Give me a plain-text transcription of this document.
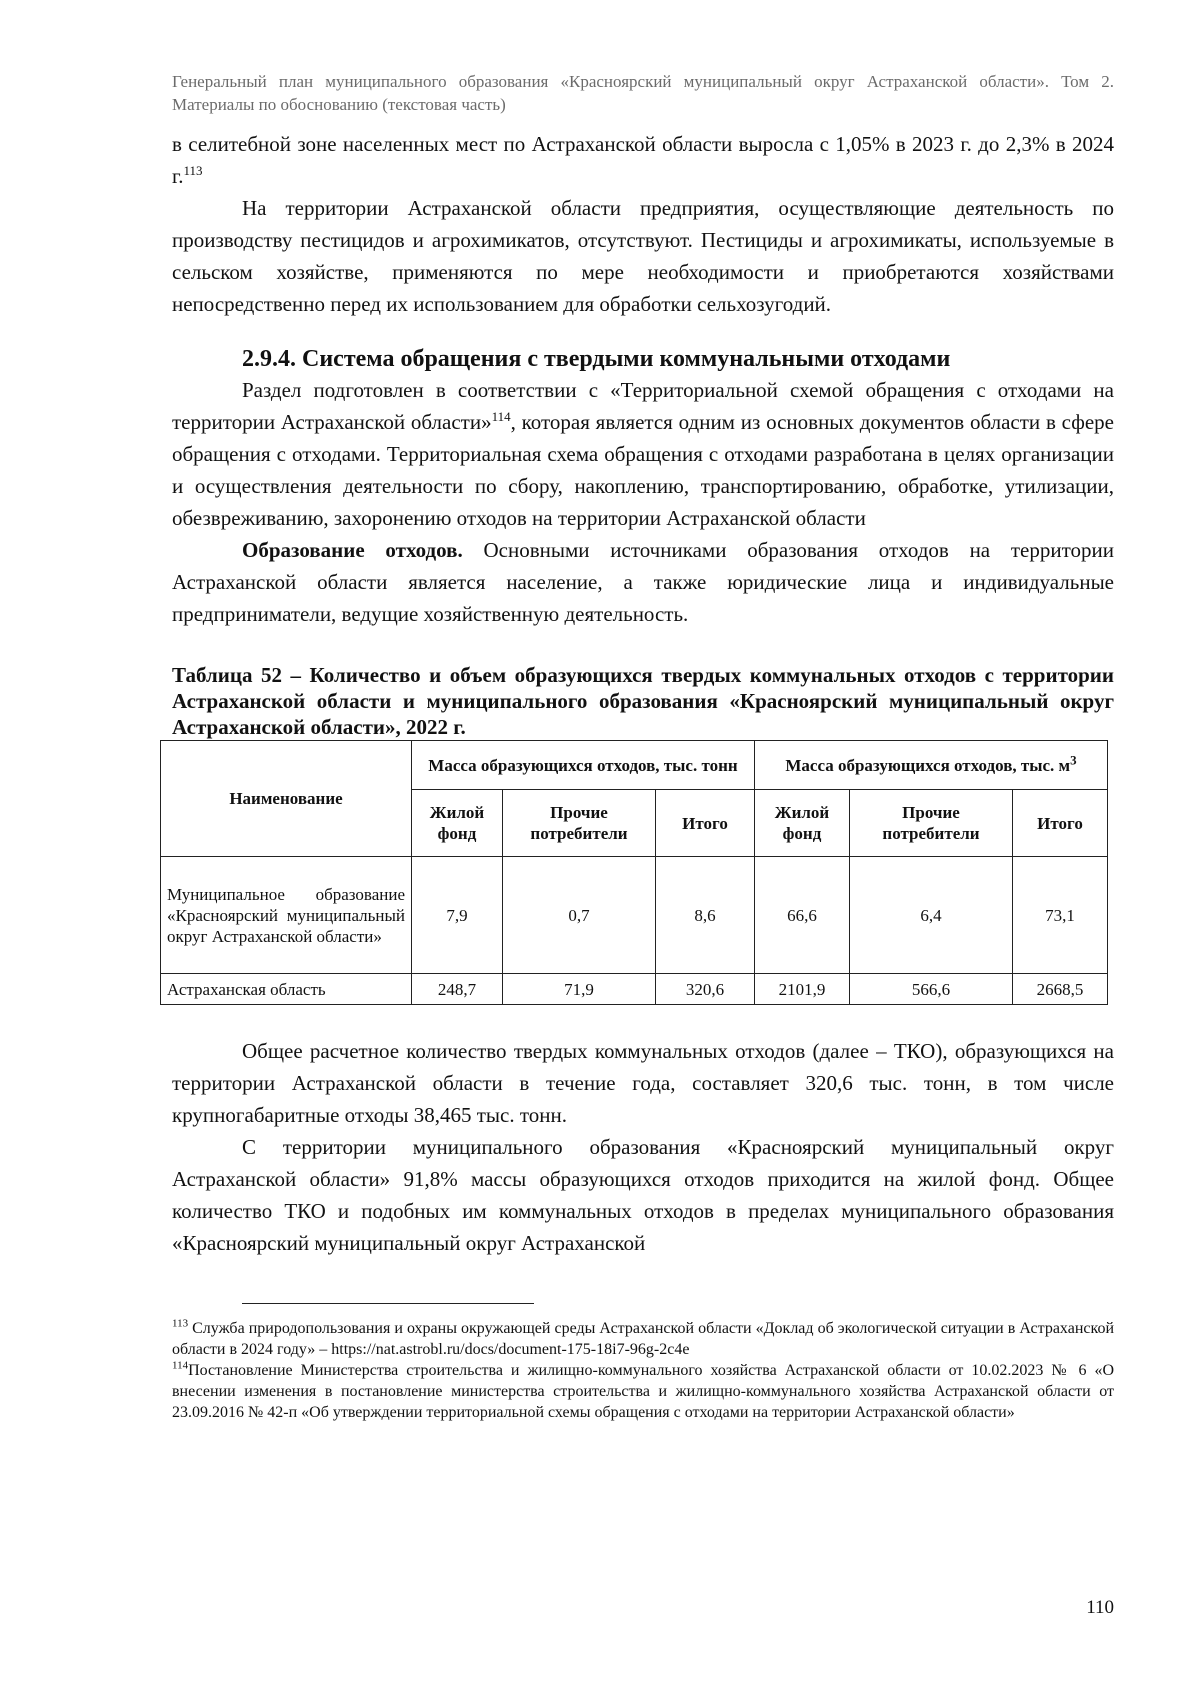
Генеральный план муниципального образования «Красноярский муниципальный округ Астраханской области». Том 2. Материалы по обоснованию (текстовая часть)

в селитебной зоне населенных мест по Астраханской области выросла с 1,05% в 2023 г. до 2,3% в 2024 г.$^{113}$

На территории Астраханской области предприятия, осуществляющие деятельность по производству пестицидов и агрохимикатов, отсутствуют. Пестициды и агрохимикаты, используемые в сельском хозяйстве, применяются по мере необходимости и приобретаются хозяйствами непосредственно перед их использованием для обработки сельхозугодий.

2.9.4. Система обращения с твердыми коммунальными отходами

Раздел подготовлен в соответствии с «Территориальной схемой обращения с отходами на территории Астраханской области»$^{114}$, которая является одним из основных документов области в сфере обращения с отходами. Территориальная схема обращения с отходами разработана в целях организации и осуществления деятельности по сбору, накоплению, транспортированию, обработке, утилизации, обезвреживанию, захоронению отходов на территории Астраханской области

Образование отходов. Основными источниками образования отходов на территории Астраханской области является население, а также юридические лица и индивидуальные предприниматели, ведущие хозяйственную деятельность.

Таблица 52 – Количество и объем образующихся твердых коммунальных отходов с территории Астраханской области и муниципального образования «Красноярский муниципальный округ Астраханской области», 2022 г.
Наименование	Масса образующихся отходов, тыс. тонн			Масса образующихся отходов, тыс. $м^3$
	Жилой фонд	Прочие потребители	Итого	Жилой фонд	Прочие потребители	Итого
Муниципальное образование «Красноярский муниципальный округ Астраханской области»	7,9	0,7	8,6	66,6	6,4	73,1
Астраханская область	248,7	71,9	320,6	2101,9	566,6	2668,5

Общее расчетное количество твердых коммунальных отходов (далее – ТКО), образующихся на территории Астраханской области в течение года, составляет 320,6 тыс. тонн, в том числе крупногабаритные отходы 38,465 тыс. тонн.

С территории муниципального образования «Красноярский муниципальный округ Астраханской области» 91,8% массы образующихся отходов приходится на жилой фонд. Общее количество ТКО и подобных им коммунальных отходов в пределах муниципального образования «Красноярский муниципальный округ Астраханской

$^{113}$ Служба природопользования и охраны окружающей среды Астраханской области «Доклад об экологической ситуации в Астраханской области в 2024 году» – https://nat.astrobl.ru/docs/document-175-18i7-96g-2c4e

$^{114}$Постановление Министерства строительства и жилищно-коммунального хозяйства Астраханской области от 10.02.2023 № 6 «О внесении изменения в постановление министерства строительства и жилищно-коммунального хозяйства Астраханской области от 23.09.2016 № 42-п «Об утверждении территориальной схемы обращения с отходами на территории Астраханской области»

110
